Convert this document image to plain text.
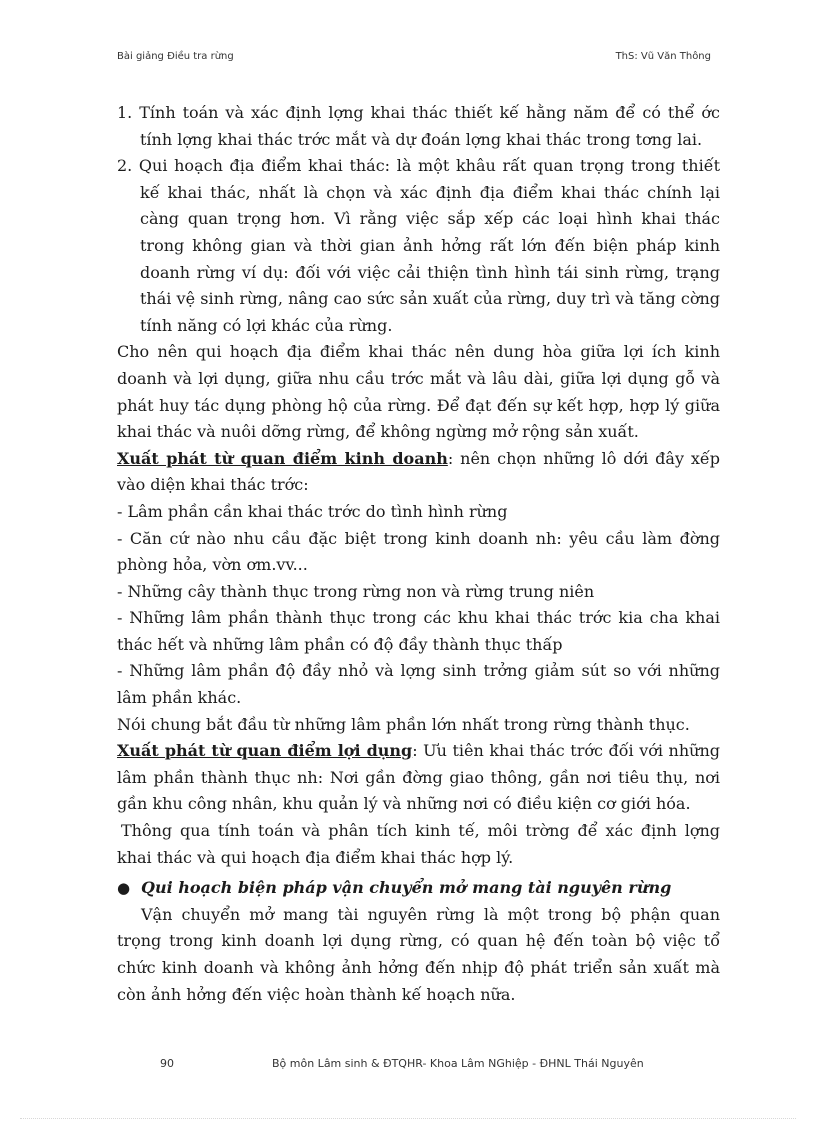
Bài giảng Điều tra rừng	ThS: Vũ Văn Thông

1. Tính toán và xác định lợng khai thác thiết kế hằng năm để có thể ớc tính lợng khai thác trớc mắt và dự đoán lợng khai thác trong tơng lai.

2. Qui hoạch địa điểm khai thác: là một khâu rất quan trọng trong thiết kế khai thác, nhất là chọn và xác định địa điểm khai thác chính lại càng quan trọng hơn. Vì rằng việc sắp xếp các loại hình khai thác trong không gian và thời gian ảnh hởng rất lớn đến biện pháp kinh doanh rừng ví dụ: đối với việc cải thiện tình hình tái sinh rừng, trạng thái vệ sinh rừng, nâng cao sức sản xuất của rừng, duy trì và tăng cờng tính năng có lợi khác của rừng.

Cho nên qui hoạch địa điểm khai thác nên dung hòa giữa lợi ích kinh doanh và lợi dụng, giữa nhu cầu trớc mắt và lâu dài, giữa lợi dụng gỗ và phát huy tác dụng phòng hộ của rừng. Để đạt đến sự kết hợp, hợp lý giữa khai thác và nuôi dỡng rừng, để không ngừng mở rộng sản xuất.

Xuất phát từ quan điểm kinh doanh: nên chọn những lô dới đây xếp vào diện khai thác trớc:

- Lâm phần cần khai thác trớc do tình hình rừng

- Căn cứ nào nhu cầu đặc biệt trong kinh doanh nh: yêu cầu làm đờng phòng hỏa, vờn ơm.vv...

- Những cây thành thục trong rừng non và rừng trung niên

- Những lâm phần thành thục trong các khu khai thác trớc kia cha khai thác hết và những lâm phần có độ đầy thành thục thấp

- Những lâm phần độ đầy nhỏ và lợng sinh trởng giảm sút so với những lâm phần khác.

Nói chung bắt đầu từ những lâm phần lớn nhất trong rừng thành thục.

Xuất phát từ quan điểm lợi dụng: Ưu tiên khai thác trớc đối với những lâm phần thành thục nh: Nơi gần đờng giao thông, gần nơi tiêu thụ, nơi gần khu công nhân, khu quản lý và những nơi có điều kiện cơ giới hóa.

Thông qua tính toán và phân tích kinh tế, môi trờng để xác định lợng khai thác và qui hoạch địa điểm khai thác hợp lý.

● Qui hoạch biện pháp vận chuyển mở mang tài nguyên rừng

Vận chuyển mở mang tài nguyên rừng là một trong bộ phận quan trọng trong kinh doanh lợi dụng rừng, có quan hệ đến toàn bộ việc tổ chức kinh doanh và không ảnh hởng đến nhịp độ phát triển sản xuất mà còn ảnh hởng đến việc hoàn thành kế hoạch nữa.

90	Bộ môn Lâm sinh & ĐTQHR- Khoa Lâm NGhiệp - ĐHNL Thái Nguyên
